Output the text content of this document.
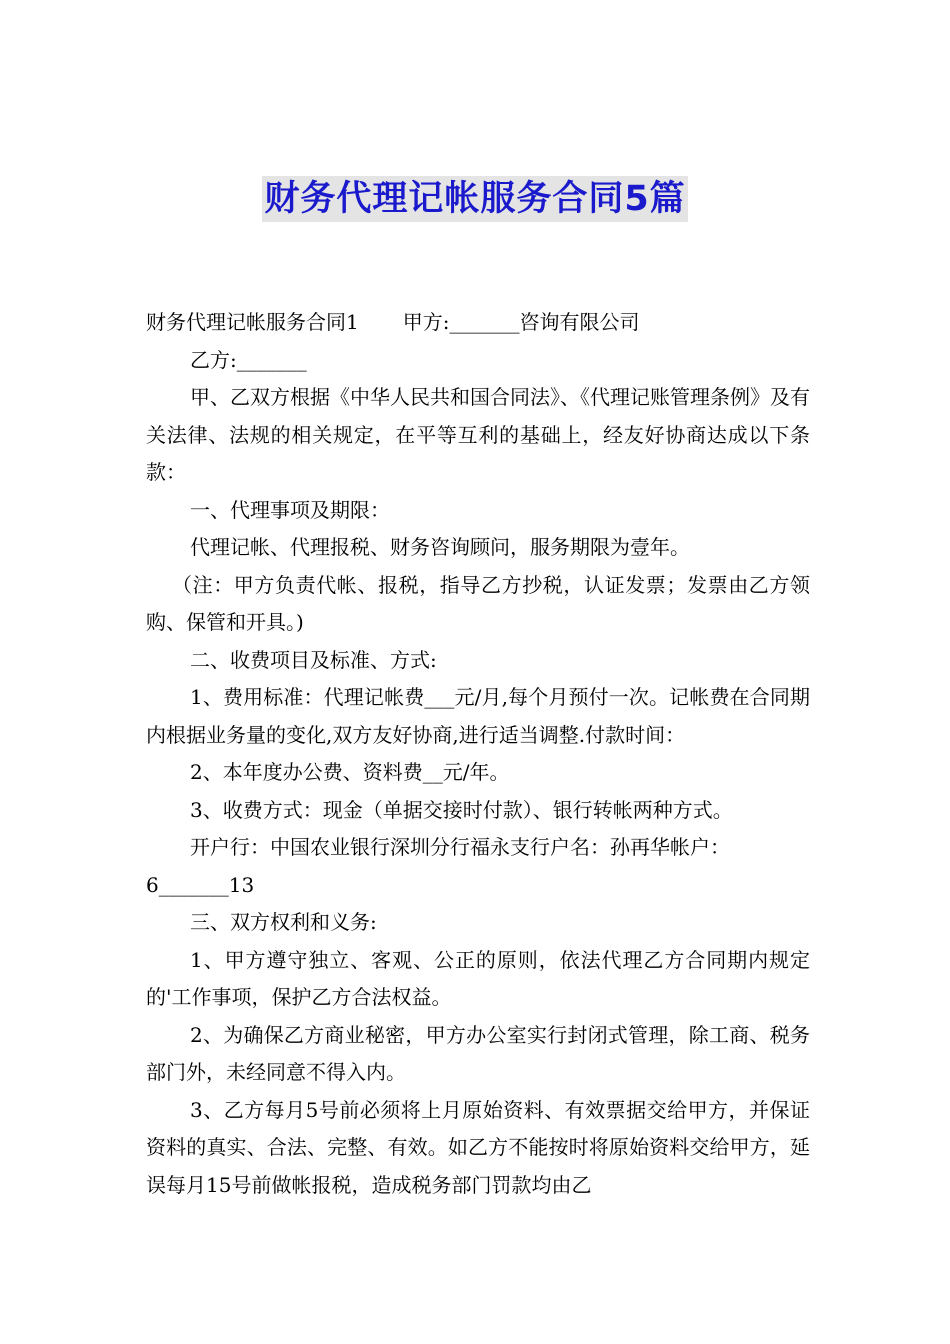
财务代理记帐服务合同5篇

财务代理记帐服务合同1 甲方:_______咨询有限公司

乙方:_______

甲、乙双方根据《中华人民共和国合同法》、《代理记账管理条例》及有关法律、法规的相关规定，在平等互利的基础上，经友好协商达成以下条款：

一、代理事项及期限：

代理记帐、代理报税、财务咨询顾问，服务期限为壹年。

（注：甲方负责代帐、报税，指导乙方抄税，认证发票；发票由乙方领购、保管和开具。)

二、收费项目及标准、方式:

1、费用标准：代理记帐费___元/月,每个月预付一次。记帐费在合同期内根据业务量的变化,双方友好协商,进行适当调整.付款时间：

2、本年度办公费、资料费__元/年。

3、收费方式：现金（单据交接时付款）、银行转帐两种方式。

开户行：中国农业银行深圳分行福永支行户名：孙再华帐户：

6_______13

三、双方权利和义务:

1、甲方遵守独立、客观、公正的原则，依法代理乙方合同期内规定的'工作事项，保护乙方合法权益。

2、为确保乙方商业秘密，甲方办公室实行封闭式管理，除工商、税务部门外，未经同意不得入内。

3、乙方每月5号前必须将上月原始资料、有效票据交给甲方，并保证资料的真实、合法、完整、有效。如乙方不能按时将原始资料交给甲方，延误每月15号前做帐报税，造成税务部门罚款均由乙
